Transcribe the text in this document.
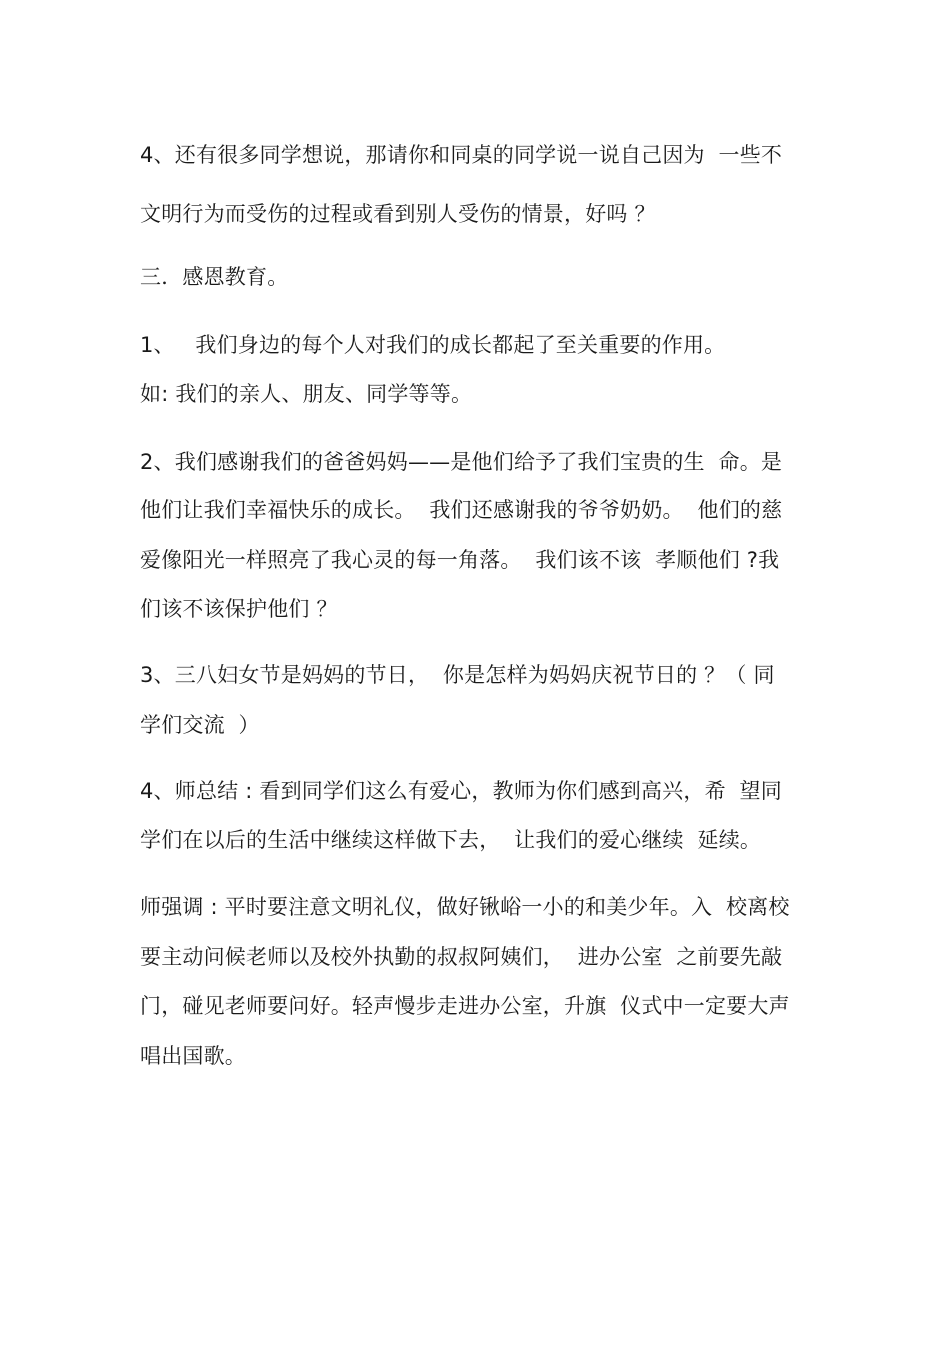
4、还有很多同学想说，那请你和同桌的同学说一说自己因为  一些不
文明行为而受伤的过程或看到别人受伤的情景，好吗 ？
三．感恩教育。
1、   我们身边的每个人对我们的成长都起了至关重要的作用。
如: 我们的亲人、朋友、同学等等。
2、我们感谢我们的爸爸妈妈——是他们给予了我们宝贵的生  命。是
他们让我们幸福快乐的成长。  我们还感谢我的爷爷奶奶。  他们的慈
爱像阳光一样照亮了我心灵的每一角落。  我们该不该  孝顺他们 ?我
们该不该保护他们 ？
3、三八妇女节是妈妈的节日，  你是怎样为妈妈庆祝节日的 ？（ 同
学们交流  ）
4、师总结 : 看到同学们这么有爱心，教师为你们感到高兴，希  望同
学们在以后的生活中继续这样做下去，  让我们的爱心继续  延续。
师强调 : 平时要注意文明礼仪，做好锹峪一小的和美少年。入  校离校
要主动问候老师以及校外执勤的叔叔阿姨们，  进办公室  之前要先敲
门，碰见老师要问好。轻声慢步走进办公室，升旗  仪式中一定要大声
唱出国歌。
